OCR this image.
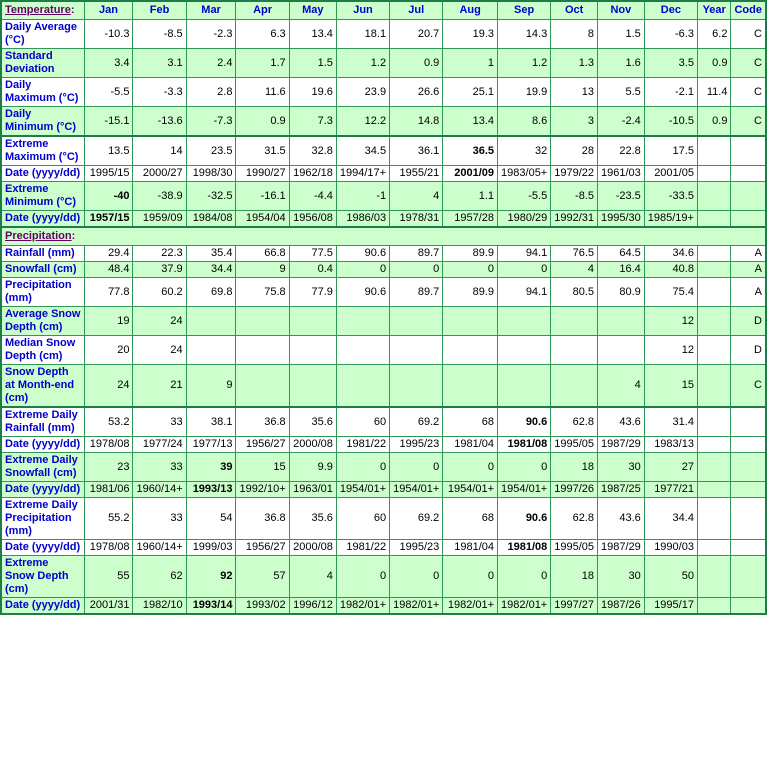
Temperature:	Jan	Feb	Mar	Apr	May	Jun	Jul	Aug	Sep	Oct	Nov	Dec	Year	Code
Daily Average (°C)	-10.3	-8.5	-2.3	6.3	13.4	18.1	20.7	19.3	14.3	8	1.5	-6.3	6.2	C
Standard Deviation	3.4	3.1	2.4	1.7	1.5	1.2	0.9	1	1.2	1.3	1.6	3.5	0.9	C
Daily Maximum (°C)	-5.5	-3.3	2.8	11.6	19.6	23.9	26.6	25.1	19.9	13	5.5	-2.1	11.4	C
Daily Minimum (°C)	-15.1	-13.6	-7.3	0.9	7.3	12.2	14.8	13.4	8.6	3	-2.4	-10.5	0.9	C
Extreme Maximum (°C)	13.5	14	23.5	31.5	32.8	34.5	36.1	36.5	32	28	22.8	17.5		
Date (yyyy/dd)	1995/15	2000/27	1998/30	1990/27	1962/18	1994/17+	1955/21	2001/09	1983/05+	1979/22	1961/03	2001/05		
Extreme Minimum (°C)	-40	-38.9	-32.5	-16.1	-4.4	-1	4	1.1	-5.5	-8.5	-23.5	-33.5		
Date (yyyy/dd)	1957/15	1959/09	1984/08	1954/04	1956/08	1986/03	1978/31	1957/28	1980/29	1992/31	1995/30	1985/19+		
Precipitation:														
Rainfall (mm)	29.4	22.3	35.4	66.8	77.5	90.6	89.7	89.9	94.1	76.5	64.5	34.6		A
Snowfall (cm)	48.4	37.9	34.4	9	0.4	0	0	0	0	4	16.4	40.8		A
Precipitation (mm)	77.8	60.2	69.8	75.8	77.9	90.6	89.7	89.9	94.1	80.5	80.9	75.4		A
Average Snow Depth (cm)	19	24										12		D
Median Snow Depth (cm)	20	24										12		D
Snow Depth at Month-end (cm)	24	21	9								4	15		C
Extreme Daily Rainfall (mm)	53.2	33	38.1	36.8	35.6	60	69.2	68	90.6	62.8	43.6	31.4		
Date (yyyy/dd)	1978/08	1977/24	1977/13	1956/27	2000/08	1981/22	1995/23	1981/04	1981/08	1995/05	1987/29	1983/13		
Extreme Daily Snowfall (cm)	23	33	39	15	9.9	0	0	0	0	18	30	27		
Date (yyyy/dd)	1981/06	1960/14+	1993/13	1992/10+	1963/01	1954/01+	1954/01+	1954/01+	1954/01+	1997/26	1987/25	1977/21		
Extreme Daily Precipitation (mm)	55.2	33	54	36.8	35.6	60	69.2	68	90.6	62.8	43.6	34.4		
Date (yyyy/dd)	1978/08	1960/14+	1999/03	1956/27	2000/08	1981/22	1995/23	1981/04	1981/08	1995/05	1987/29	1990/03		
Extreme Snow Depth (cm)	55	62	92	57	4	0	0	0	0	18	30	50		
Date (yyyy/dd)	2001/31	1982/10	1993/14	1993/02	1996/12	1982/01+	1982/01+	1982/01+	1982/01+	1997/27	1987/26	1995/17		
